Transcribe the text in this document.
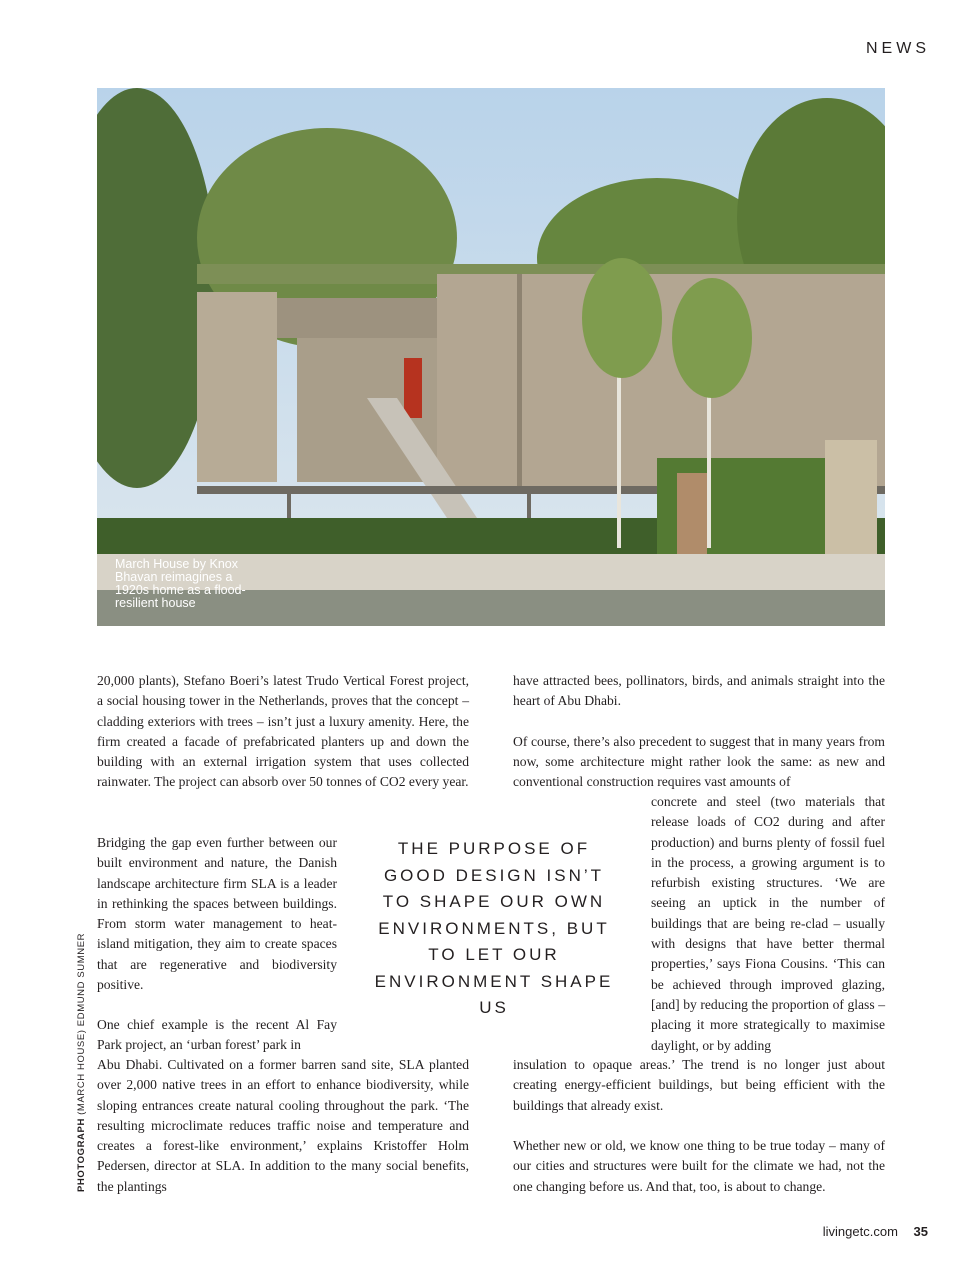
NEWS
March House by Knox Bhavan reimagines a 1920s home as a flood-resilient house
PHOTOGRAPH (MARCH HOUSE) EDMUND SUMNER

20,000 plants), Stefano Boeri’s latest Trudo Vertical Forest project, a social housing tower in the Netherlands, proves that the concept – cladding exteriors with trees – isn’t just a luxury amenity. Here, the firm created a facade of prefabricated planters up and down the building with an external irrigation system that uses collected rainwater. The project can absorb over 50 tonnes of CO2 every year.

Bridging the gap even further between our built environment and nature, the Danish landscape architecture firm SLA is a leader in rethinking the spaces between buildings. From storm water management to heat-island mitigation, they aim to create spaces that are regenerative and biodiversity positive.

One chief example is the recent Al Fay Park project, an ‘urban forest’ park in

Abu Dhabi. Cultivated on a former barren sand site, SLA planted over 2,000 native trees in an effort to enhance biodiversity, while sloping entrances create natural cooling throughout the park. ‘The resulting microclimate reduces traffic noise and temperature and creates a forest-like environment,’ explains Kristoffer Holm Pedersen, director at SLA. In addition to the many social benefits, the plantings

THE PURPOSE OF GOOD DESIGN ISN’T TO SHAPE OUR OWN ENVIRONMENTS, BUT TO LET OUR ENVIRONMENT SHAPE US

have attracted bees, pollinators, birds, and animals straight into the heart of Abu Dhabi.

Of course, there’s also precedent to suggest that in many years from now, some architecture might rather look the same: as new and conventional construction requires vast amounts of

concrete and steel (two materials that release loads of CO2 during and after production) and burns plenty of fossil fuel in the process, a growing argument is to refurbish existing structures. ‘We are seeing an uptick in the number of buildings that are being re-clad – usually with designs that have better thermal properties,’ says Fiona Cousins. ‘This can be achieved through improved glazing, [and] by reducing the proportion of glass – placing it more strategically to maximise daylight, or by adding

insulation to opaque areas.’ The trend is no longer just about creating energy-efficient buildings, but being efficient with the buildings that already exist.

Whether new or old, we know one thing to be true today – many of our cities and structures were built for the climate we had, not the one changing before us. And that, too, is about to change.

livingetc.com 35
